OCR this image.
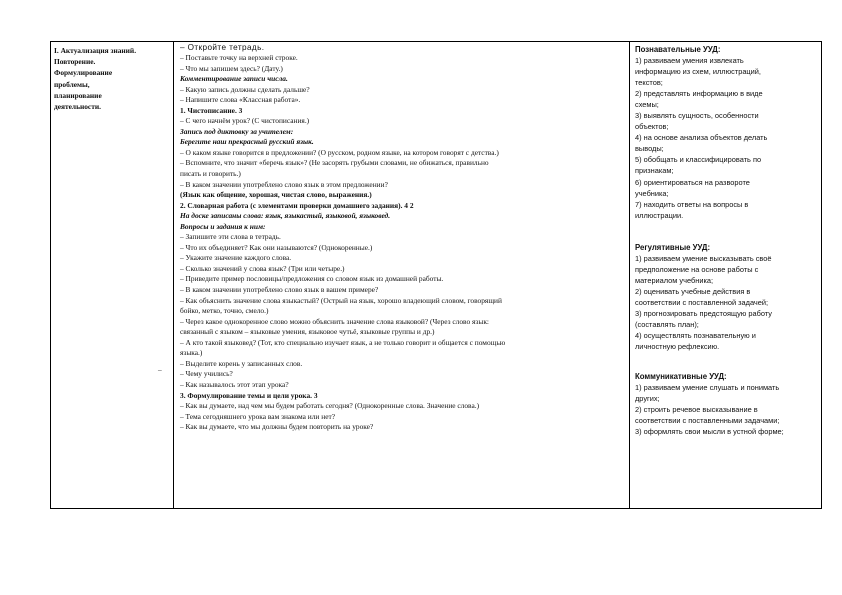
I. Актуализация знаний.

Повторение.

Формулирование

проблемы,

планирование

деятельности.

– Откройте тетрадь.

– Поставьте точку на верхней строке.

– Что мы запишем здесь? (Дату.)

Комментирование записи числа.

– Какую запись должны сделать дальше?

– Напишите слова «Классная работа».

1. Чистописание. 3

– С чего начнём урок? (С чистописания.)

Запись под диктовку за учителем:

Берегите наш прекрасный русский язык.

– О каком языке говорится в предложении? (О русском, родном языке, на котором говорят с детства.)

– Вспомните, что значит «беречь язык»? (Не засорять грубыми словами, не обижаться, правильно

писать и говорить.)

– В каком значении употреблено слово язык в этом предложении?

(Язык как общение, хорошая, чистая слово, выражения.)

2. Словарная работа (с элементами проверки домашнего задания). 4 2

На доске записаны слова: язык, языкастый, языковой, языковед.

Вопросы и задания к ним:

– Запишите эти слова в тетрадь.

– Что их объединяет? Как они называются? (Однокоренные.)

– Укажите значение каждого слова.

– Сколько значений у слова язык? (Три или четыре.)

– Приведите пример пословицы/предложения со словом язык из домашней работы.

– В каком значении употреблено слово язык в вашем примере?

– Как объяснить значение слова языкастый? (Острый на язык, хорошо владеющий словом, говорящий

бойко, метко, точно, смело.)

– Через какое однокоренное слово можно объяснить значение слова языковой? (Через слово язык:

связанный с языком – языковые умения, языковое чутьё, языковые группы и др.)

– А кто такой языковед? (Тот, кто специально изучает язык, а не только говорит и общается с помощью

языка.)

– Выделите корень у записанных слов.

– Чему учились?

– Как называлось этот этап урока?

3. Формулирование темы и цели урока. 3

– Как вы думаете, над чем мы будем работать сегодня? (Однокоренные слова. Значение слова.)

– Тема сегодняшнего урока вам знакома или нет?

– Как вы думаете, что мы должны будем повторить на уроке?

Познавательные УУД:

1) развиваем умения извлекать

информацию из схем, иллюстраций,

текстов;

2) представлять информацию в виде

схемы;

3) выявлять сущность, особенности

объектов;

4) на основе анализа объектов делать

выводы;

5) обобщать и классифицировать по

признакам;

6) ориентироваться на развороте

учебника;

7) находить ответы на вопросы в

иллюстрации.

Регулятивные УУД:

1) развиваем умение высказывать своё

предположение на основе работы с

материалом учебника;

2) оценивать учебные действия в

соответствии с поставленной задачей;

3) прогнозировать предстоящую работу

(составлять план);

4) осуществлять познавательную и

личностную рефлексию.

Коммуникативные УУД:

1) развиваем умение слушать и понимать

других;

2) строить речевое высказывание в

соответствии с поставленными задачами;

3) оформлять свои мысли в устной форме;

–
